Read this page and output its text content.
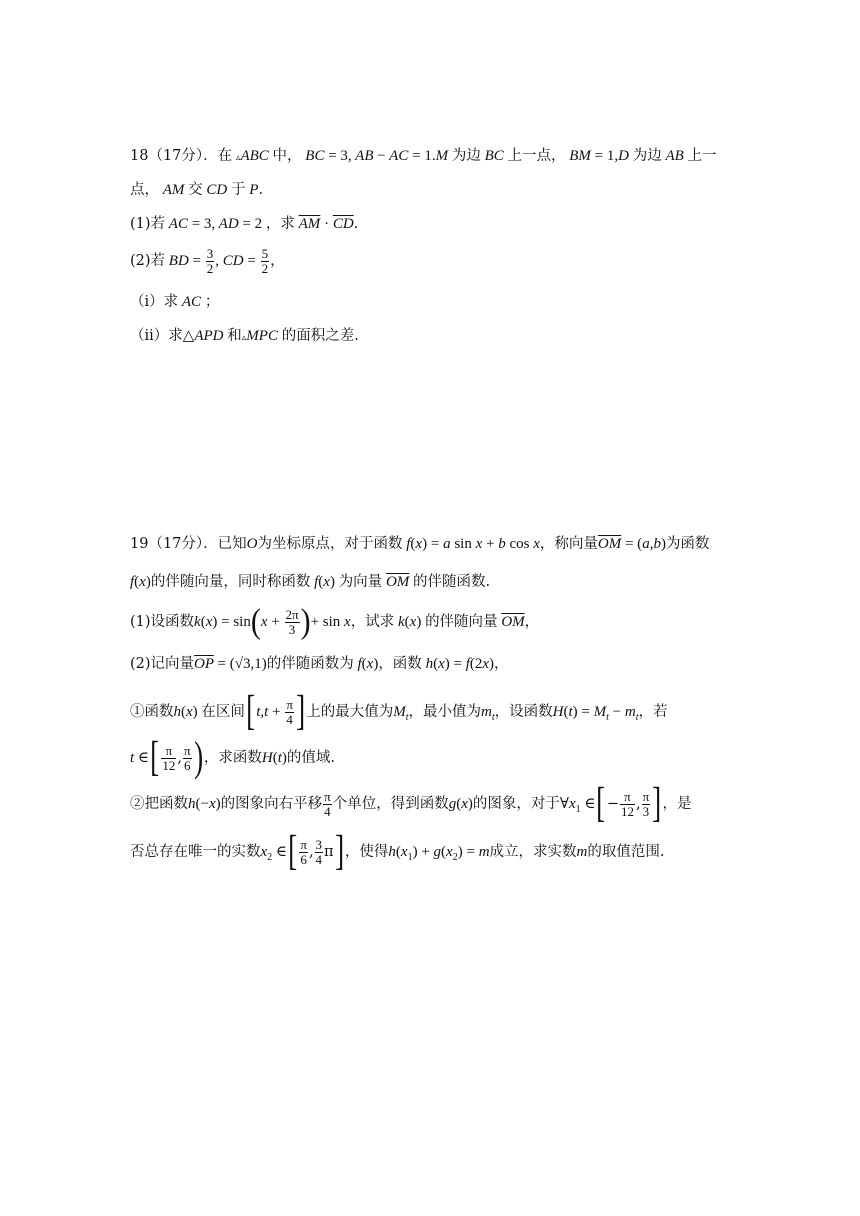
18（17分）．在 ▵ABC 中， BC = 3, AB − AC = 1.M 为边 BC 上一点， BM = 1,D 为边 AB 上一
点， AM 交 CD 于 P.
(1)若 AC = 3, AD = 2 ，求 $\overline{AM} \cdot \overline{CD}$.
(2)若 BD = $\frac{3}{2}$ , CD = $\frac{5}{2}$ ，
（i）求 AC ；
（ii）求△APD 和▵MPC 的面积之差.
19（17分）．已知O为坐标原点，对于函数 f(x) = a sin x + b cos x，称向量$\overline{OM} = (a,b)$为函数
f(x)的伴随向量，同时称函数 f(x) 为向量 $\overline{OM}$ 的伴随函数.
(1)设函数$k(x) = \sin(x + \frac{2\pi}{3}$ )+ sin x，试求 k(x) 的伴随向量 $\overline{OM}$，
(2)记向量$\overline{OP} = (√3,1)$的伴随函数为 f(x)，函数 h(x) = f(2x)，
①函数h(x) 在区间[$t,t + \frac{\pi}{4}$ ]上的最大值为$M_t$，最小值为$m_t$，设函数$H(t) = M_t - m_t$，若
t ∈[ $\frac{\pi}{12}$ , $\frac{\pi}{6}$ )，求函数H(t)的值域.
②把函数h(−x)的图象向右平移 $\frac{\pi}{4}$ 个单位，得到函数g(x)的图象，对于$\forall x_1$ ∈[− $\frac{\pi}{12}$ , $\frac{\pi}{3}$ ]，是
否总存在唯一的实数$x_2$ ∈[ $\frac{\pi}{6}$ , $\frac{3}{4} \pi$]，使得$h(x_1) + g(x_2) = m$成立，求实数m的取值范围.
